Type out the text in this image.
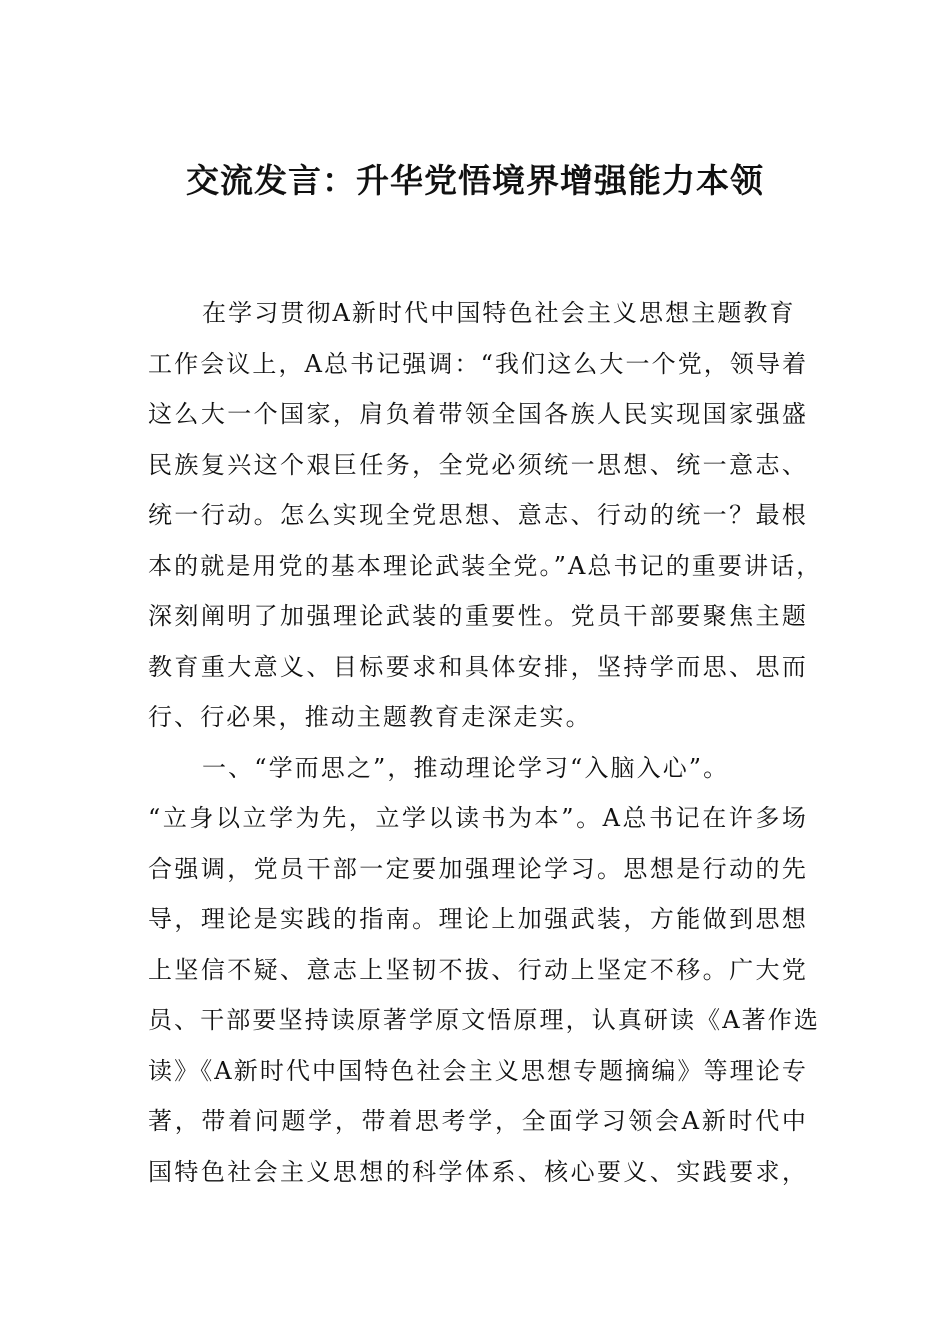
交流发言：升华党悟境界增强能力本领
在学习贯彻A新时代中国特色社会主义思想主题教育
工作会议上，A总书记强调：“我们这么大一个党，领导着
这么大一个国家，肩负着带领全国各族人民实现国家强盛
民族复兴这个艰巨任务，全党必须统一思想、统一意志、
统一行动。怎么实现全党思想、意志、行动的统一？最根
本的就是用党的基本理论武装全党。”A总书记的重要讲话，
深刻阐明了加强理论武装的重要性。党员干部要聚焦主题
教育重大意义、目标要求和具体安排，坚持学而思、思而
行、行必果，推动主题教育走深走实。
一、“学而思之”，推动理论学习“入脑入心”。
“立身以立学为先，立学以读书为本”。A总书记在许多场
合强调，党员干部一定要加强理论学习。思想是行动的先
导，理论是实践的指南。理论上加强武装，方能做到思想
上坚信不疑、意志上坚韧不拔、行动上坚定不移。广大党
员、干部要坚持读原著学原文悟原理，认真研读《A著作选
读》《A新时代中国特色社会主义思想专题摘编》等理论专
著，带着问题学，带着思考学，全面学习领会A新时代中
国特色社会主义思想的科学体系、核心要义、实践要求，
